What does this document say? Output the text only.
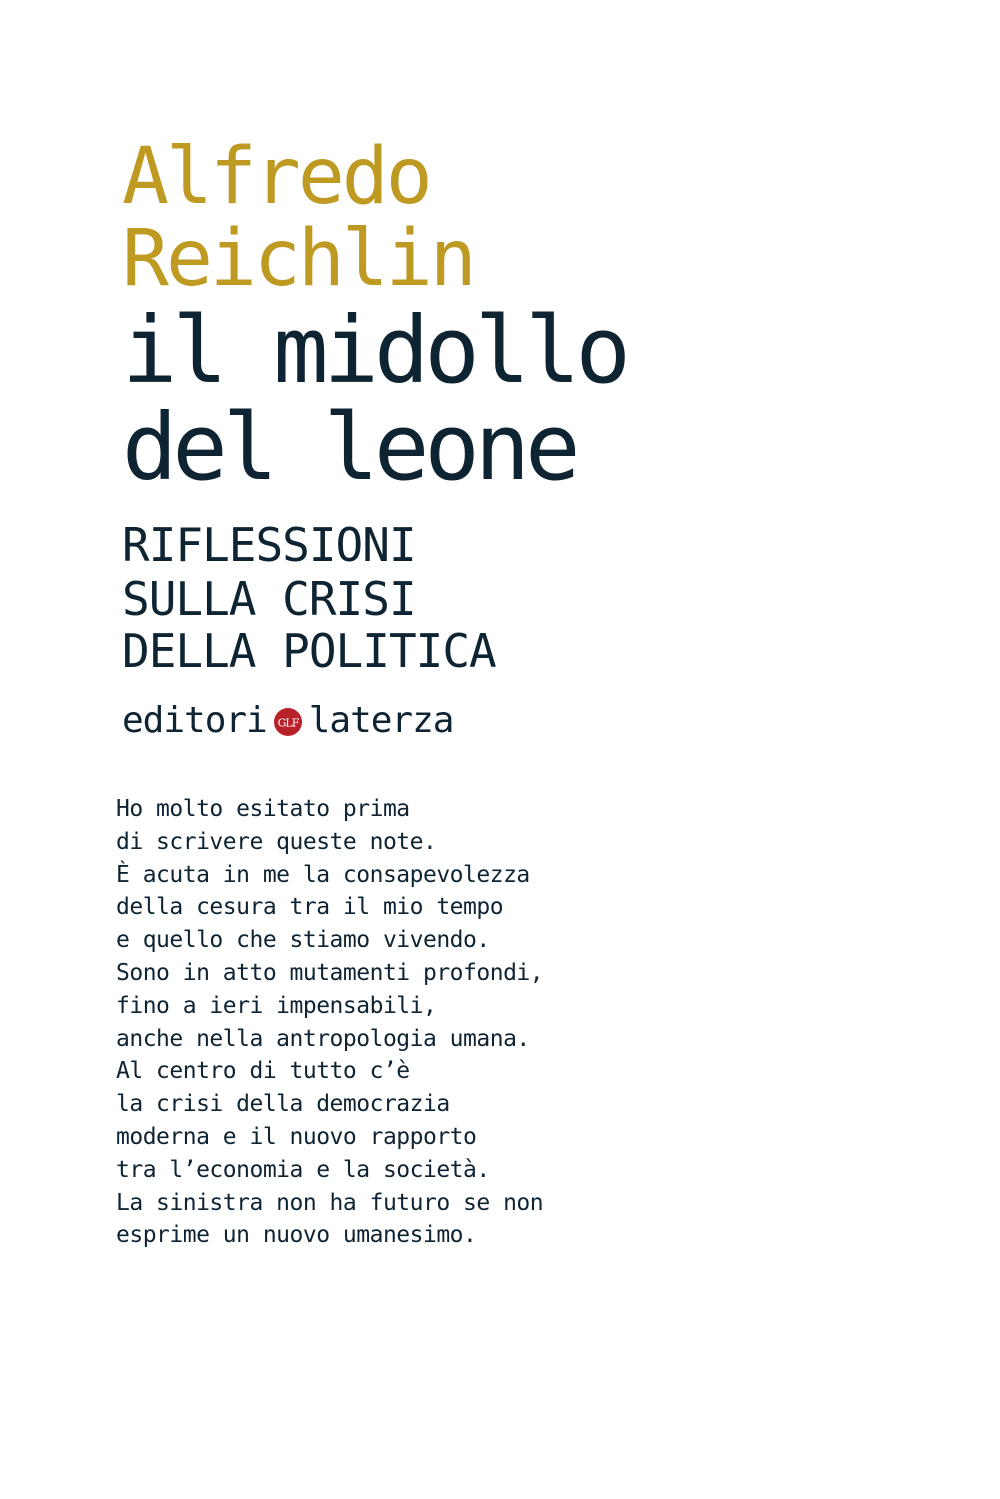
Alfredo
Reichlin
il midollo
del leone
RIFLESSIONI
SULLA CRISI
DELLA POLITICA
editori GLF laterza
Ho molto esitato prima
di scrivere queste note.
È acuta in me la consapevolezza
della cesura tra il mio tempo
e quello che stiamo vivendo.
Sono in atto mutamenti profondi,
fino a ieri impensabili,
anche nella antropologia umana.
Al centro di tutto c’è
la crisi della democrazia
moderna e il nuovo rapporto
tra l’economia e la società.
La sinistra non ha futuro se non
esprime un nuovo umanesimo.
